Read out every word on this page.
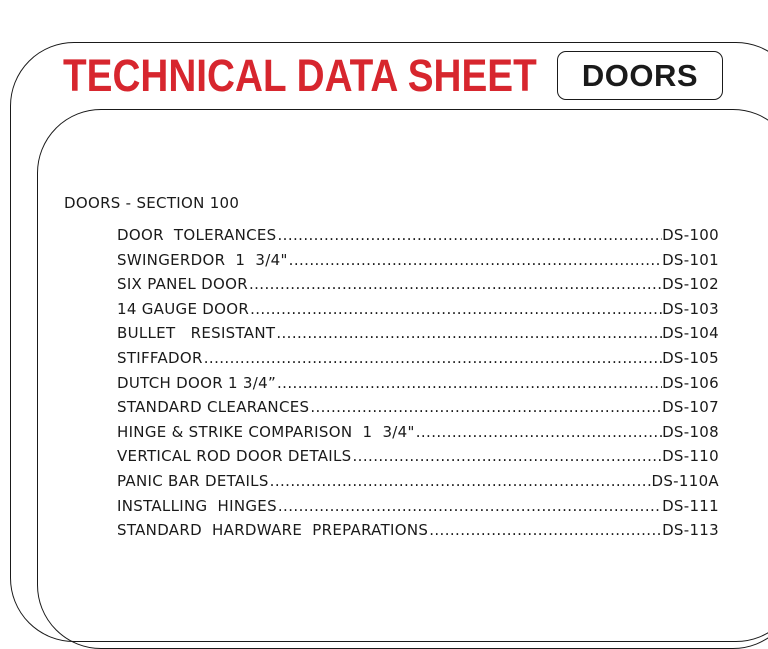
TECHNICAL DATA SHEET	DOORS
DOORS - SECTION 100
DOOR  TOLERANCES .....	DS-100
SWINGERDOR  1  3/4" .....	DS-101
SIX PANEL DOOR .....	DS-102
14 GAUGE DOOR .....	DS-103
BULLET   RESISTANT .....	DS-104
STIFFADOR .....	DS-105
DUTCH DOOR 1 3/4” .....	DS-106
STANDARD CLEARANCES .....	DS-107
HINGE & STRIKE COMPARISON  1  3/4" .....	DS-108
VERTICAL ROD DOOR DETAILS .....	DS-110
PANIC BAR DETAILS .....	DS-110A
INSTALLING  HINGES .....	DS-111
STANDARD  HARDWARE  PREPARATIONS .....	DS-113
